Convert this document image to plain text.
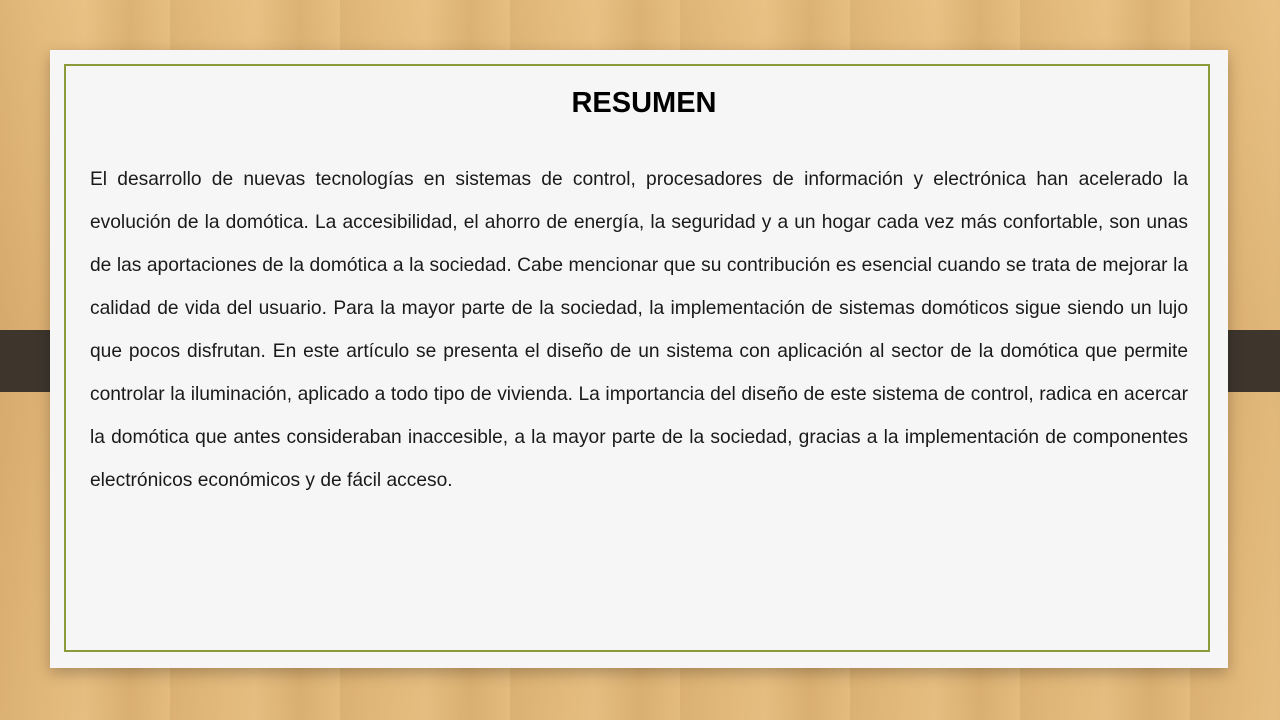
RESUMEN

El desarrollo de nuevas tecnologías en sistemas de control, procesadores de información y electrónica han acelerado la evolución de la domótica. La accesibilidad, el ahorro de energía, la seguridad y a un hogar cada vez más confortable, son unas de las aportaciones de la domótica a la sociedad. Cabe mencionar que su contribución es esencial cuando se trata de mejorar la calidad de vida del usuario. Para la mayor parte de la sociedad, la implementación de sistemas domóticos sigue siendo un lujo que pocos disfrutan. En este artículo se presenta el diseño de un sistema con aplicación al sector de la domótica que permite controlar la iluminación, aplicado a todo tipo de vivienda. La importancia del diseño de este sistema de control, radica en acercar la domótica que antes consideraban inaccesible, a la mayor parte de la sociedad, gracias a la implementación de componentes electrónicos económicos y de fácil acceso.
